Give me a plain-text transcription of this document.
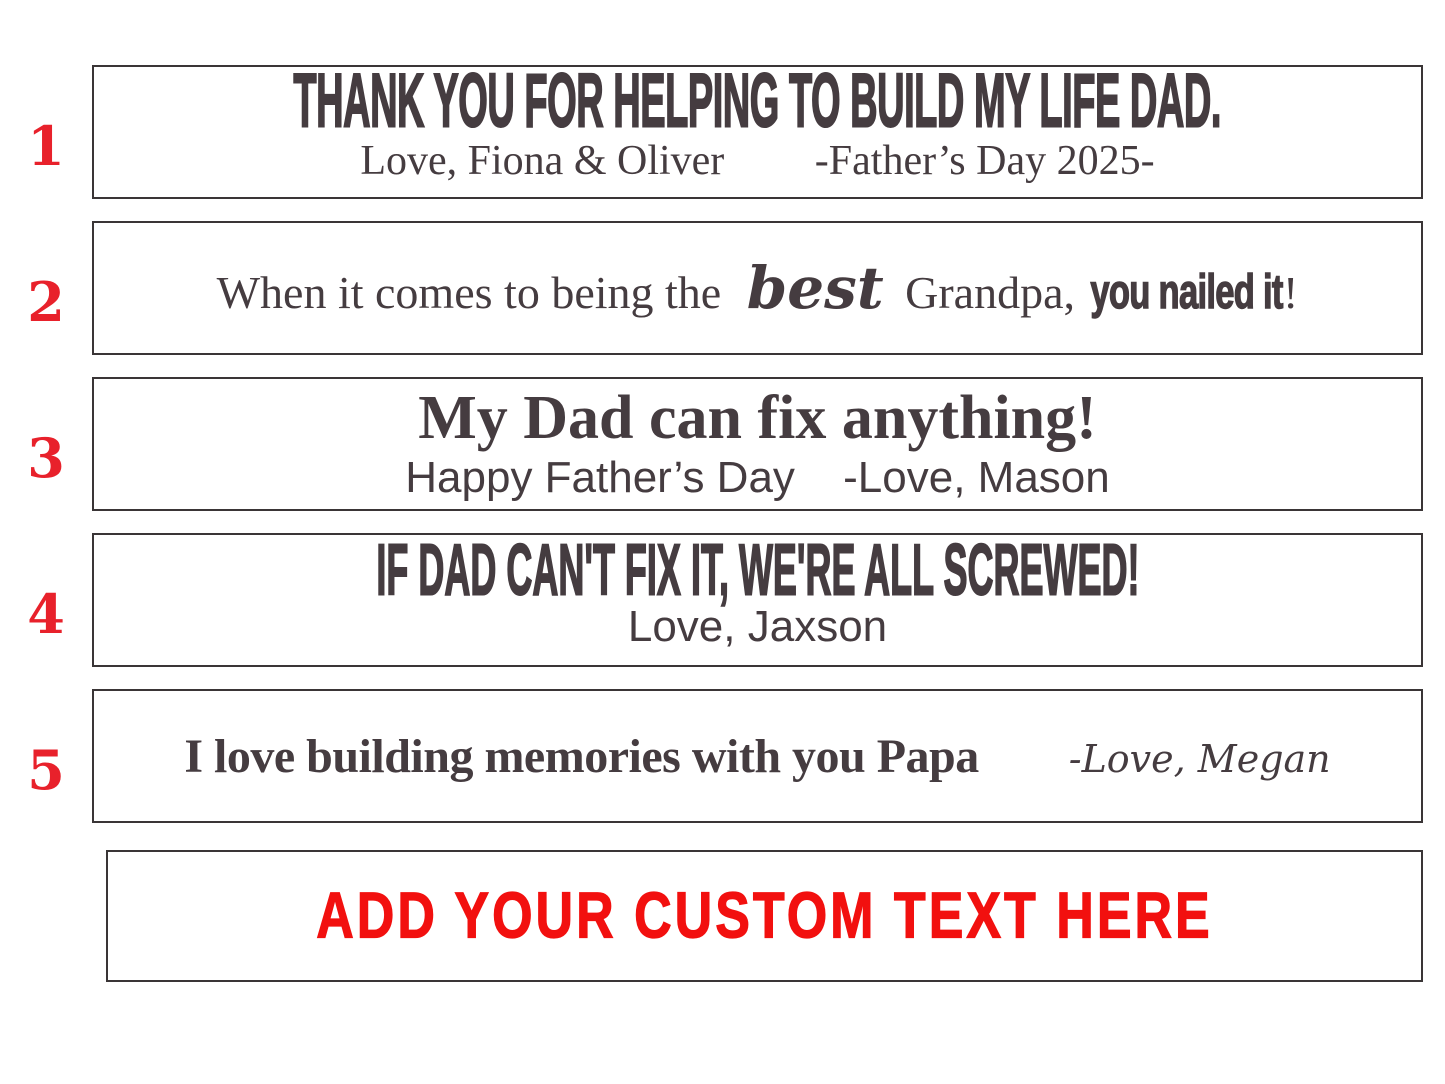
1
THANK YOU FOR HELPING TO BUILD MY LIFE DAD.
Love, Fiona & Oliver -Father’s Day 2025-
2	When it comes to being the best Grandpa, you nailed it !
3
My Dad can fix anything!
Happy Father’s Day -Love, Mason
4
IF DAD CAN'T FIX IT, WE'RE ALL SCREWED!
Love, Jaxson
5 I love building memories with you Papa -Love, Megan
ADD YOUR CUSTOM TEXT HERE
